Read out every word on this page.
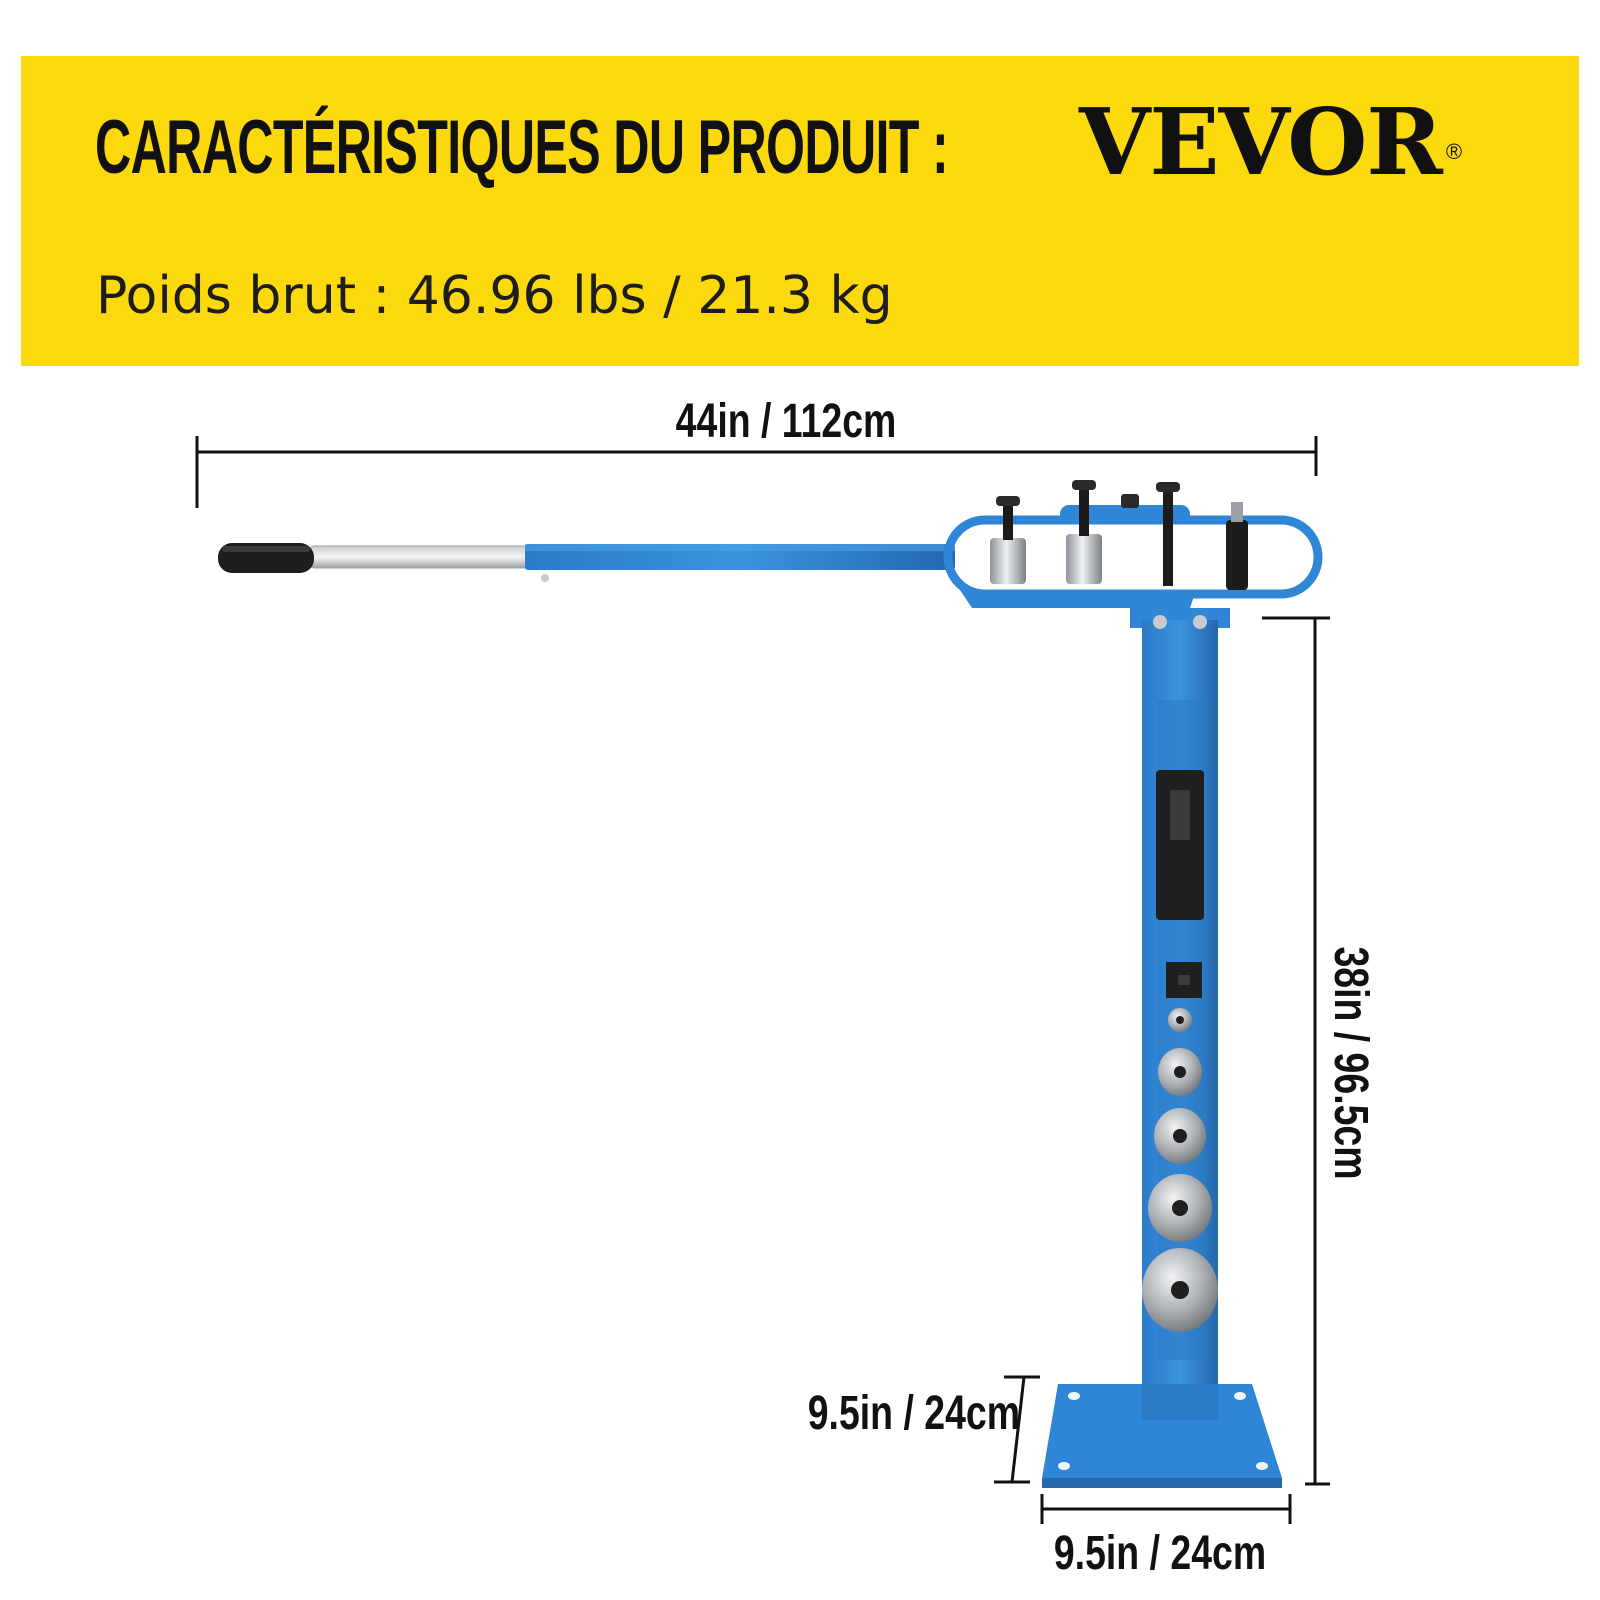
CARACTÉRISTIQUES DU PRODUIT : VEVOR ®
Poids brut : 46.96 lbs / 21.3 kg
44in / 112cm
38in / 96.5cm
9.5in / 24cm
9.5in / 24cm
